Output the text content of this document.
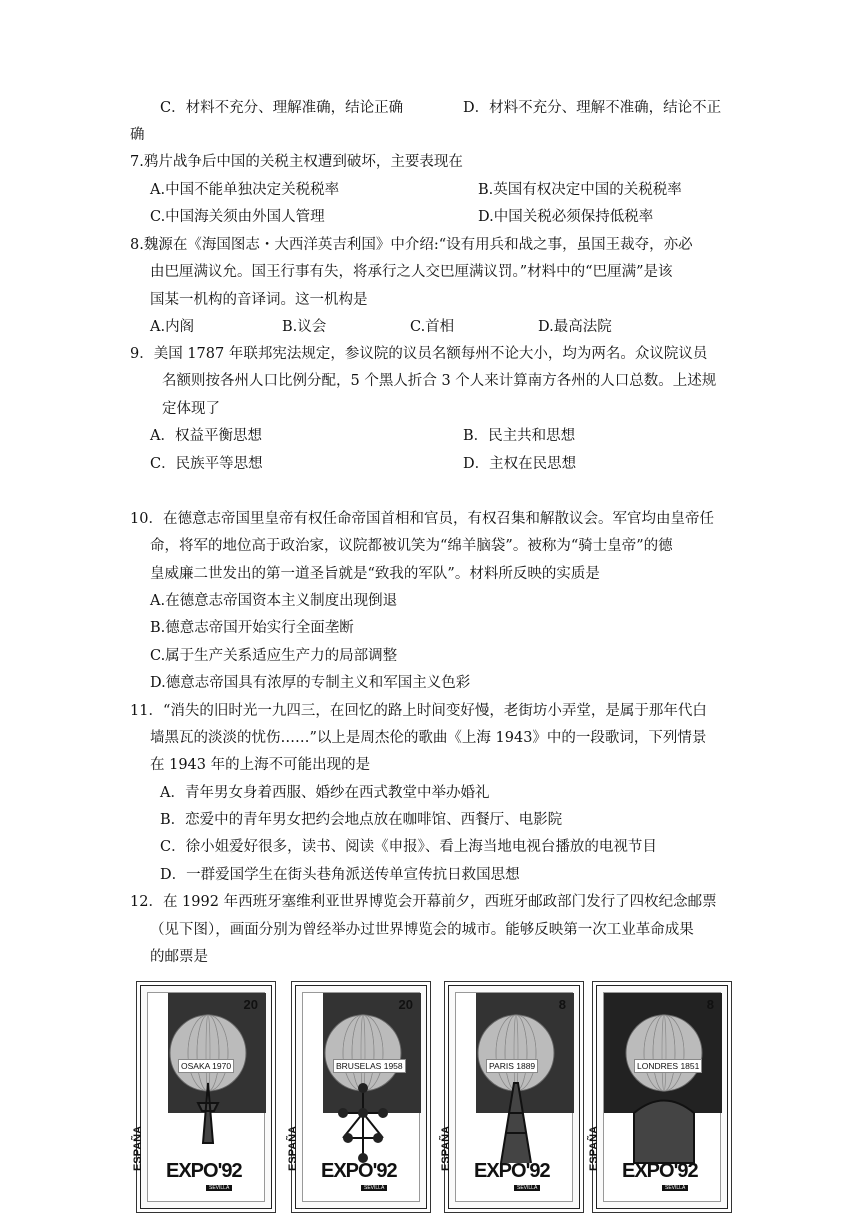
C．材料不充分、理解准确，结论正确	D．材料不充分、理解不准确，结论不正
确
7.鸦片战争后中国的关税主权遭到破坏，主要表现在
A.中国不能单独决定关税税率	B.英国有权决定中国的关税税率
C.中国海关须由外国人管理	D.中国关税必须保持低税率
8.魏源在《海国图志・大西洋英吉利国》中介绍:“设有用兵和战之事，虽国王裁夺，亦必
由巴厘满议允。国王行事有失，将承行之人交巴厘满议罚。”材料中的“巴厘满”是该
国某一机构的音译词。这一机构是
A.内阁	B.议会	C.首相	D.最高法院
9．美国 1787 年联邦宪法规定，参议院的议员名额每州不论大小，均为两名。众议院议员
名额则按各州人口比例分配，5 个黑人折合 3 个人来计算南方各州的人口总数。上述规
定体现了
A．权益平衡思想	B．民主共和思想
C．民族平等思想	D．主权在民思想
10．在德意志帝国里皇帝有权任命帝国首相和官员，有权召集和解散议会。军官均由皇帝任
命，将军的地位高于政治家，议院都被讥笑为“绵羊脑袋”。被称为“骑士皇帝”的德
皇威廉二世发出的第一道圣旨就是“致我的军队”。材料所反映的实质是
A.在德意志帝国资本主义制度出现倒退
B.德意志帝国开始实行全面垄断
C.属于生产关系适应生产力的局部调整
D.德意志帝国具有浓厚的专制主义和军国主义色彩
11．“消失的旧时光一九四三，在回忆的路上时间变好慢，老街坊小弄堂，是属于那年代白
墙黑瓦的淡淡的忧伤……”以上是周杰伦的歌曲《上海 1943》中的一段歌词，下列情景
在 1943 年的上海不可能出现的是
A．青年男女身着西服、婚纱在西式教堂中举办婚礼
B．恋爱中的青年男女把约会地点放在咖啡馆、西餐厅、电影院
C．徐小姐爱好很多，读书、阅读《申报》、看上海当地电视台播放的电视节目
D．一群爱国学生在街头巷角派送传单宣传抗日救国思想
12．在 1992 年西班牙塞维利亚世界博览会开幕前夕，西班牙邮政部门发行了四枚纪念邮票
（见下图），画面分别为曾经举办过世界博览会的城市。能够反映第一次工业革命成果
的邮票是
20
OSAKA 1970
EXPO'92
SEVILLA
ESPAÑA
20
BRUSELAS 1958
EXPO'92
SEVILLA
ESPAÑA
8
PARIS 1889
EXPO'92
SEVILLA
ESPAÑA
8
LONDRES 1851
EXPO'92
SEVILLA
ESPAÑA
